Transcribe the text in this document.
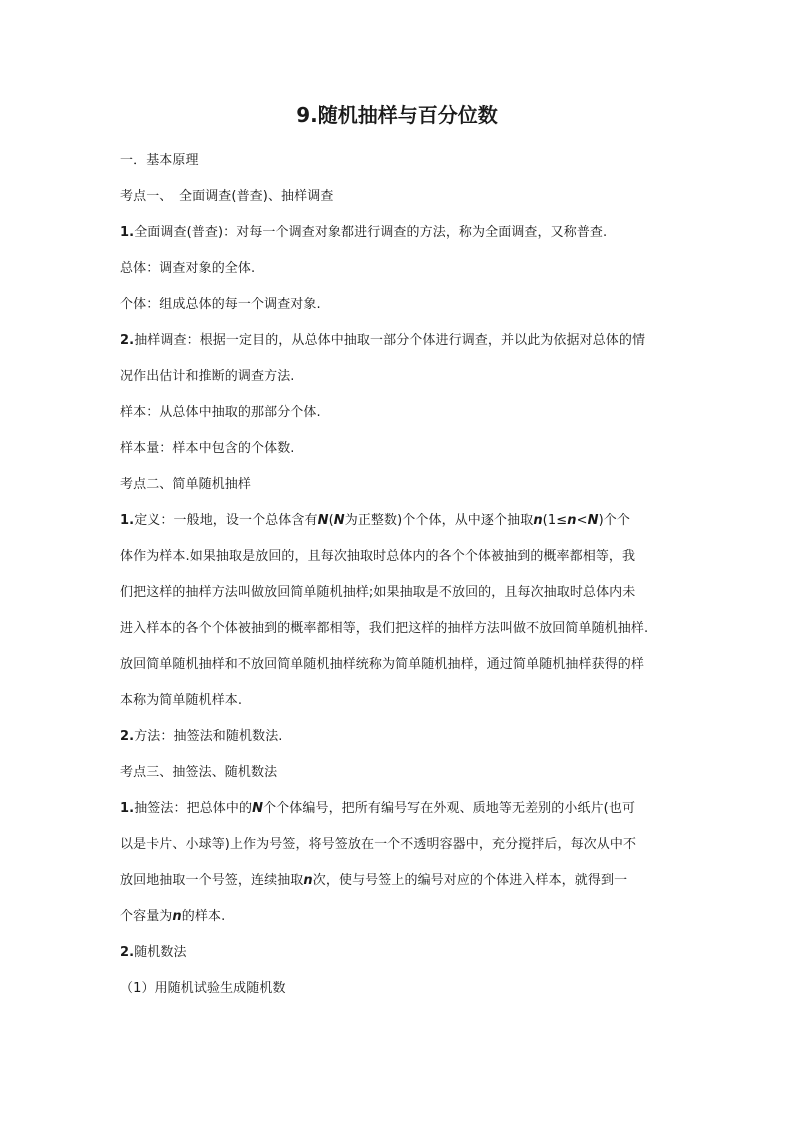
9.随机抽样与百分位数
一．基本原理
考点一、　全面调查(普查)、抽样调查
1.全面调查(普查)：对每一个调查对象都进行调查的方法，称为全面调查，又称普查.
总体：调查对象的全体.
个体：组成总体的每一个调查对象.
2.抽样调查：根据一定目的，从总体中抽取一部分个体进行调查，并以此为依据对总体的情
况作出估计和推断的调查方法.
样本：从总体中抽取的那部分个体.
样本量：样本中包含的个体数.
考点二、简单随机抽样
1.定义：一般地，设一个总体含有N(N为正整数)个个体，从中逐个抽取n(1≤n<N)个个
体作为样本.如果抽取是放回的，且每次抽取时总体内的各个个体被抽到的概率都相等，我
们把这样的抽样方法叫做放回简单随机抽样;如果抽取是不放回的，且每次抽取时总体内未
进入样本的各个个体被抽到的概率都相等，我们把这样的抽样方法叫做不放回简单随机抽样.
放回简单随机抽样和不放回简单随机抽样统称为简单随机抽样，通过简单随机抽样获得的样
本称为简单随机样本.
2.方法：抽签法和随机数法.
考点三、抽签法、随机数法
1.抽签法：把总体中的N个个体编号，把所有编号写在外观、质地等无差别的小纸片(也可
以是卡片、小球等)上作为号签，将号签放在一个不透明容器中，充分搅拌后，每次从中不
放回地抽取一个号签，连续抽取n次，使与号签上的编号对应的个体进入样本，就得到一
个容量为n的样本.
2.随机数法
（1）用随机试验生成随机数
